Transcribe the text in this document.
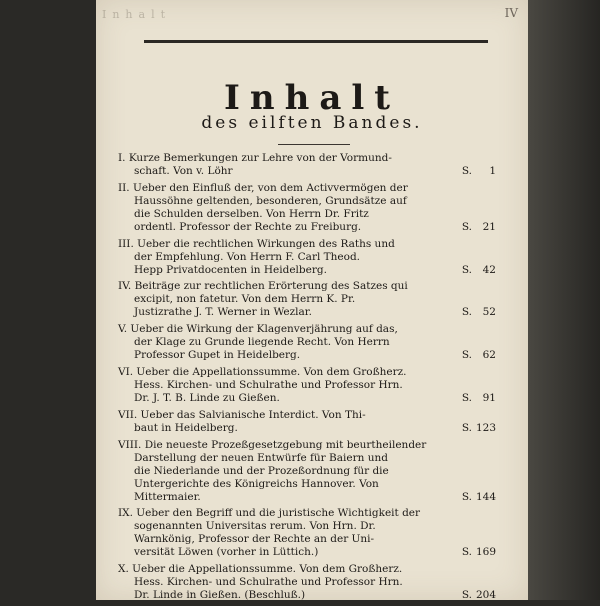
Inhalt	IV
Inhalt
des eilften Bandes.

I. Kurze Bemerkungen zur Lehre von der Vormund-

schaft. Von v. Löhr	S. 1

II. Ueber den Einfluß der, von dem Activvermögen der

Haussöhne geltenden, besonderen, Grundsätze auf

die Schulden derselben. Von Herrn Dr. Fritz

ordentl. Professor der Rechte zu Freiburg.	S. 21

III. Ueber die rechtlichen Wirkungen des Raths und

der Empfehlung. Von Herrn F. Carl Theod.

Hepp Privatdocenten in Heidelberg.	S. 42

IV. Beiträge zur rechtlichen Erörterung des Satzes qui

excipit, non fatetur. Von dem Herrn K. Pr.

Justizrathe J. T. Werner in Wezlar.	S. 52

V. Ueber die Wirkung der Klagenverjährung auf das,

der Klage zu Grunde liegende Recht. Von Herrn

Professor Gupet in Heidelberg.	S. 62

VI. Ueber die Appellationssumme. Von dem Großherz.

Hess. Kirchen- und Schulrathe und Professor Hrn.

Dr. J. T. B. Linde zu Gießen.	S. 91

VII. Ueber das Salvianische Interdict. Von Thi-

baut in Heidelberg.	S. 123

VIII. Die neueste Prozeßgesetzgebung mit beurtheilender

Darstellung der neuen Entwürfe für Baiern und

die Niederlande und der Prozeßordnung für die

Untergerichte des Königreichs Hannover. Von

Mittermaier.	S. 144

IX. Ueber den Begriff und die juristische Wichtigkeit der

sogenannten Universitas rerum. Von Hrn. Dr.

Warnkönig, Professor der Rechte an der Uni-

versität Löwen (vorher in Lüttich.)	S. 169

X. Ueber die Appellationssumme. Von dem Großherz.

Hess. Kirchen- und Schulrathe und Professor Hrn.

Dr. Linde in Gießen. (Beschluß.)	S. 204
